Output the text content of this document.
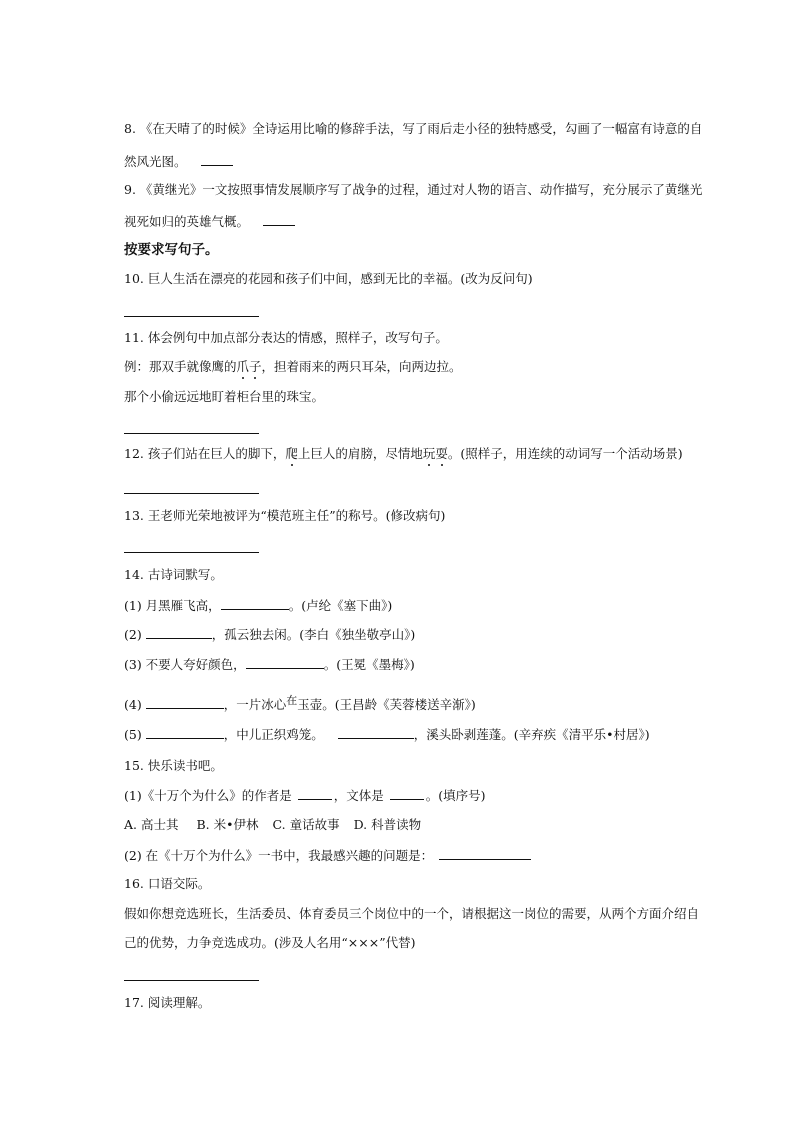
8. 《在天晴了的时候》全诗运用比喻的修辞手法，写了雨后走小径的独特感受，勾画了一幅富有诗意的自
然风光图。
9. 《黄继光》一文按照事情发展顺序写了战争的过程，通过对人物的语言、动作描写，充分展示了黄继光
视死如归的英雄气概。
按要求写句子。
10. 巨人生活在漂亮的花园和孩子们中间，感到无比的幸福。(改为反问句)
11. 体会例句中加点部分表达的情感，照样子，改写句子。
例：那双手就像鹰的爪子，担着雨来的两只耳朵，向两边拉。
那个小偷远远地盯着柜台里的珠宝。
12. 孩子们站在巨人的脚下，爬上巨人的肩膀，尽情地玩耍。(照样子，用连续的动词写一个活动场景)
13. 王老师光荣地被评为“模范班主任”的称号。(修改病句)
14. 古诗词默写。
(1) 月黑雁飞高，	。(卢纶《塞下曲》)
(2)	，孤云独去闲。(李白《独坐敬亭山》)
(3) 不要人夸好颜色，	。(王冕《墨梅》)
(4)	，一片冰心在玉壶。(王昌龄《芙蓉楼送辛渐》)
(5)	，中儿正织鸡笼。	，溪头卧剥莲蓬。(辛弃疾《清平乐•村居》)
15. 快乐读书吧。
(1)《十万个为什么》的作者是	，文体是	。(填序号)
A. 高士其 B. 米•伊林 C. 童话故事 D. 科普读物
(2) 在《十万个为什么》一书中，我最感兴趣的问题是：
16. 口语交际。
假如你想竞选班长，生活委员、体育委员三个岗位中的一个，请根据这一岗位的需要，从两个方面介绍自
己的优势，力争竞选成功。(涉及人名用“×××”代替)
17. 阅读理解。
